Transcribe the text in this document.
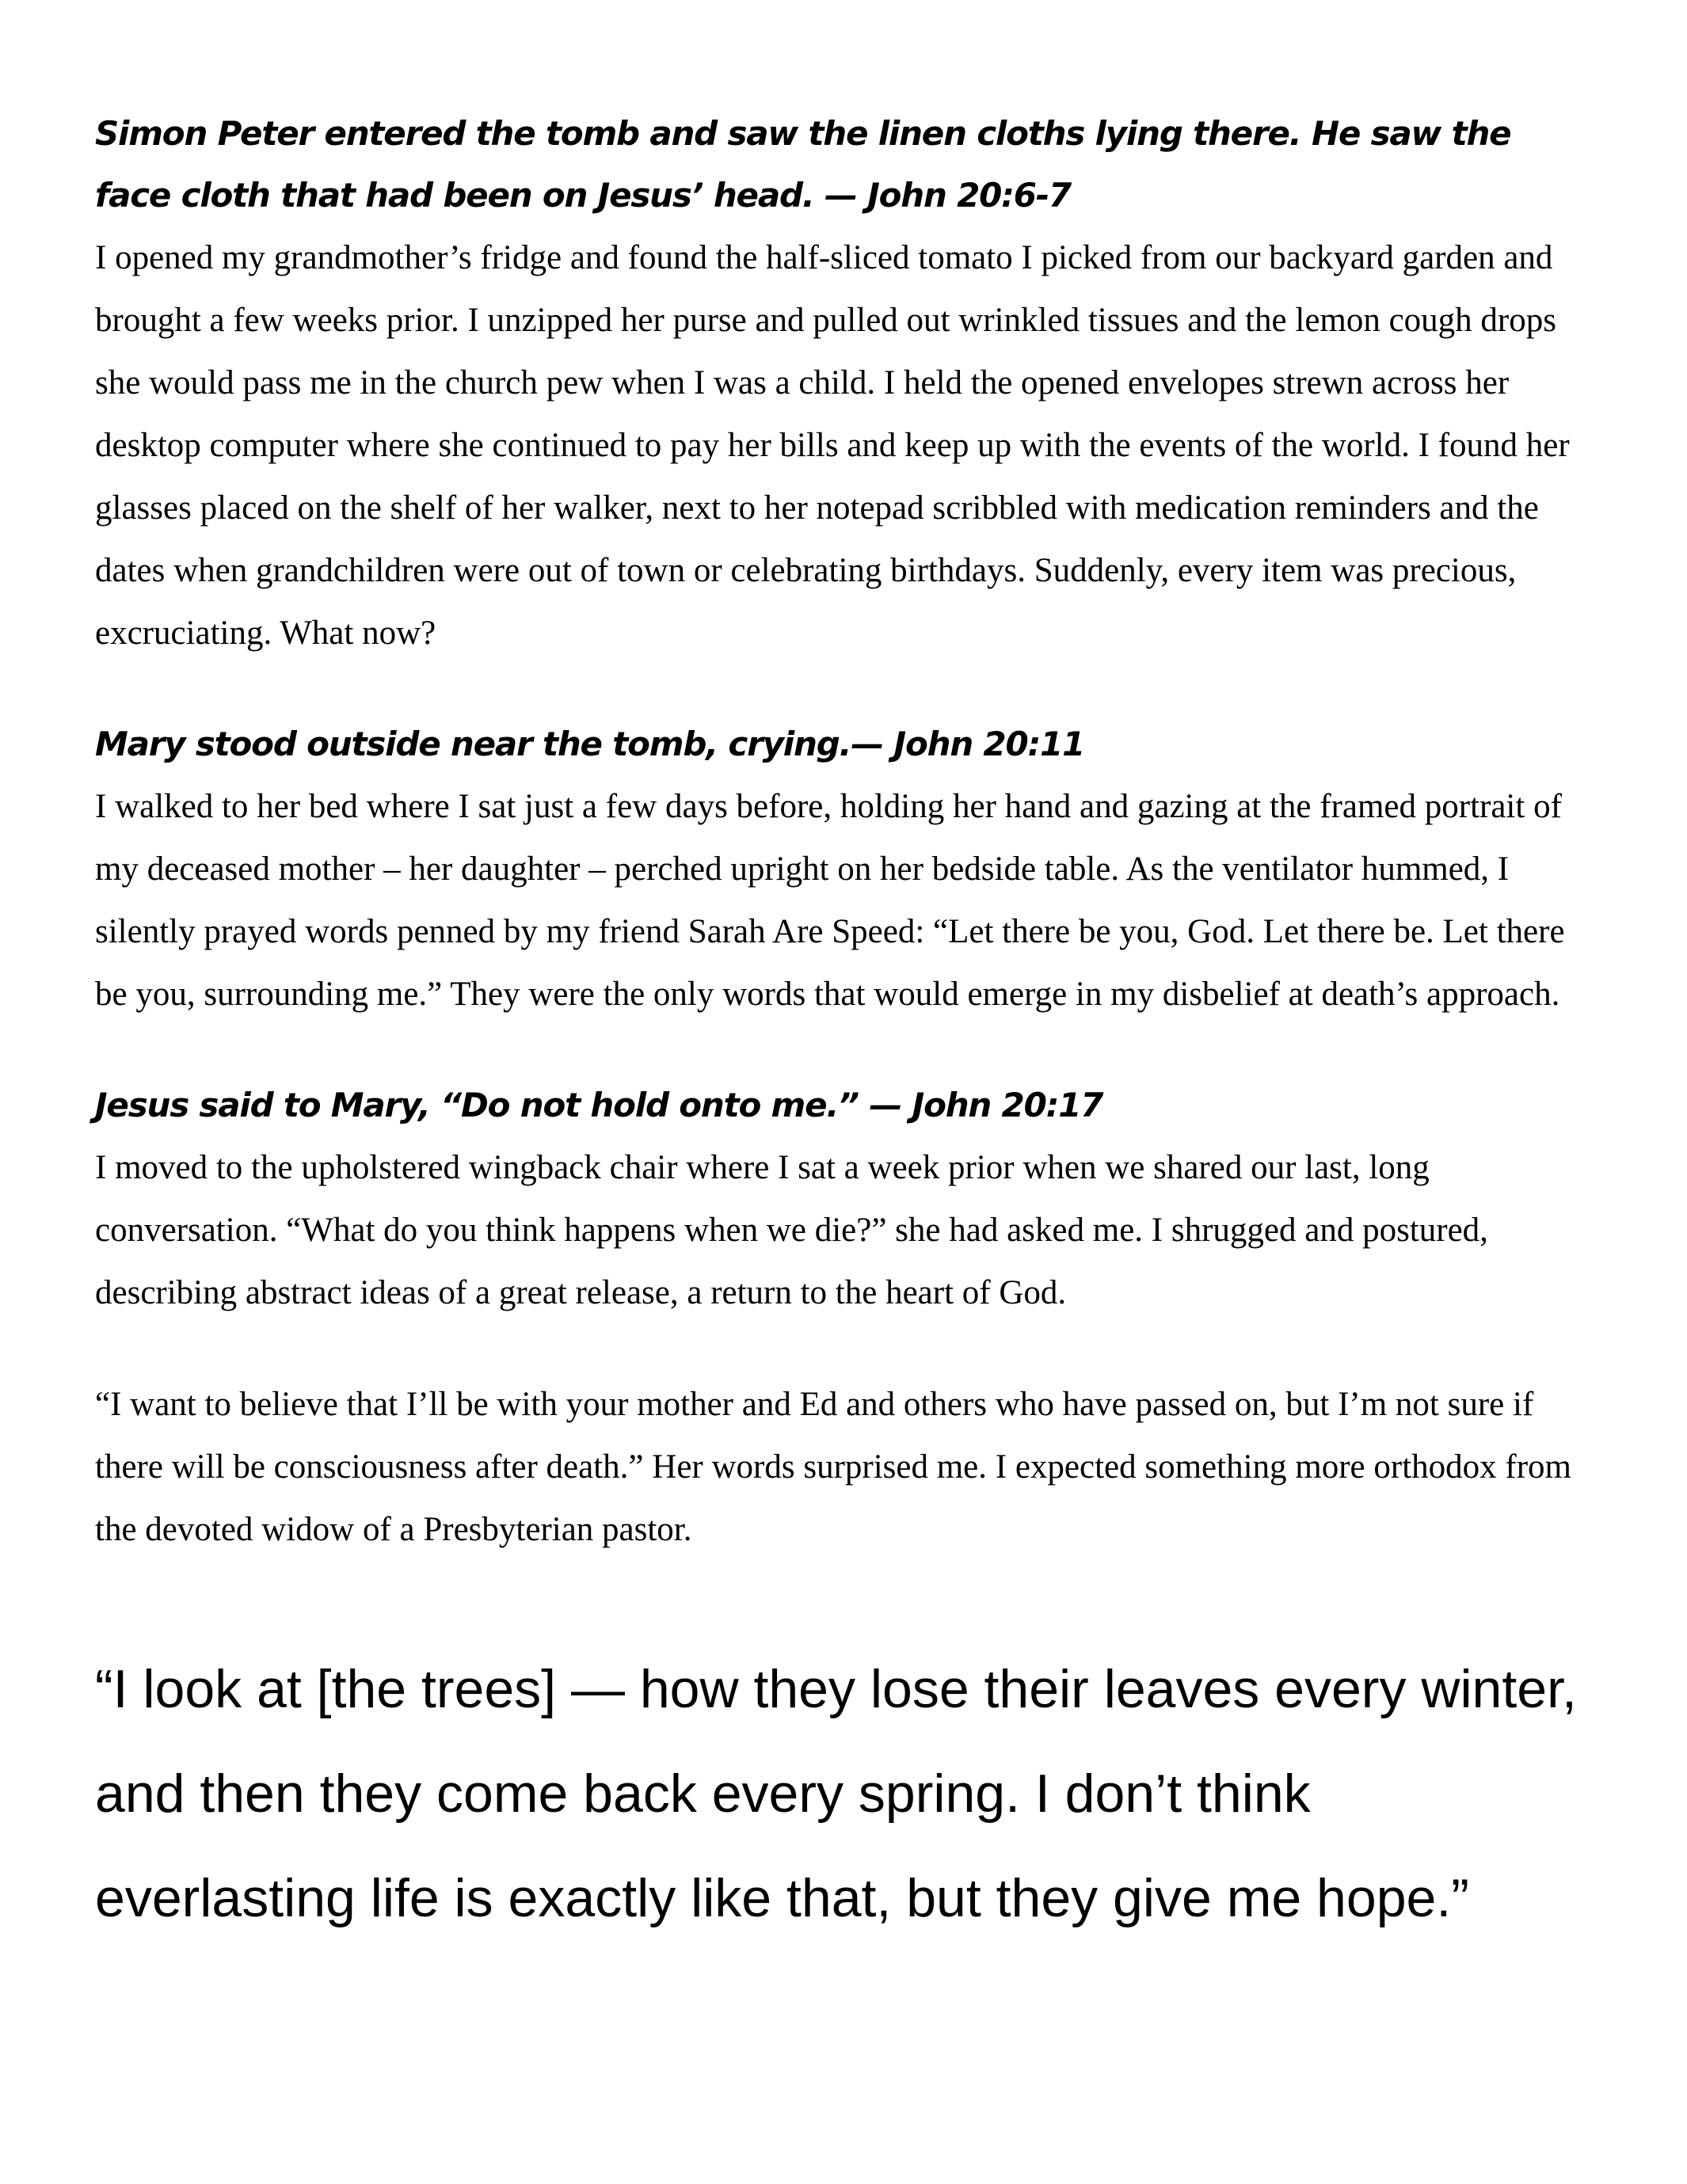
Simon Peter entered the tomb and saw the linen cloths lying there. He saw the face cloth that had been on Jesus’ head. — John 20:6-7

I opened my grandmother’s fridge and found the half-sliced tomato I picked from our backyard garden and brought a few weeks prior. I unzipped her purse and pulled out wrinkled tissues and the lemon cough drops she would pass me in the church pew when I was a child. I held the opened envelopes strewn across her desktop computer where she continued to pay her bills and keep up with the events of the world. I found her glasses placed on the shelf of her walker, next to her notepad scribbled with medication reminders and the dates when grandchildren were out of town or celebrating birthdays. Suddenly, every item was precious, excruciating. What now?

Mary stood outside near the tomb, crying.— John 20:11

I walked to her bed where I sat just a few days before, holding her hand and gazing at the framed portrait of my deceased mother – her daughter – perched upright on her bedside table. As the ventilator hummed, I silently prayed words penned by my friend Sarah Are Speed: “Let there be you, God. Let there be. Let there be you, surrounding me.” They were the only words that would emerge in my disbelief at death’s approach.

Jesus said to Mary, “Do not hold onto me.” — John 20:17

I moved to the upholstered wingback chair where I sat a week prior when we shared our last, long conversation. “What do you think happens when we die?” she had asked me. I shrugged and postured, describing abstract ideas of a great release, a return to the heart of God.

“I want to believe that I’ll be with your mother and Ed and others who have passed on, but I’m not sure if there will be consciousness after death.” Her words surprised me. I expected something more orthodox from the devoted widow of a Presbyterian pastor.

“I look at [the trees] — how they lose their leaves every winter, and then they come back every spring. I don’t think everlasting life is exactly like that, but they give me hope.”
